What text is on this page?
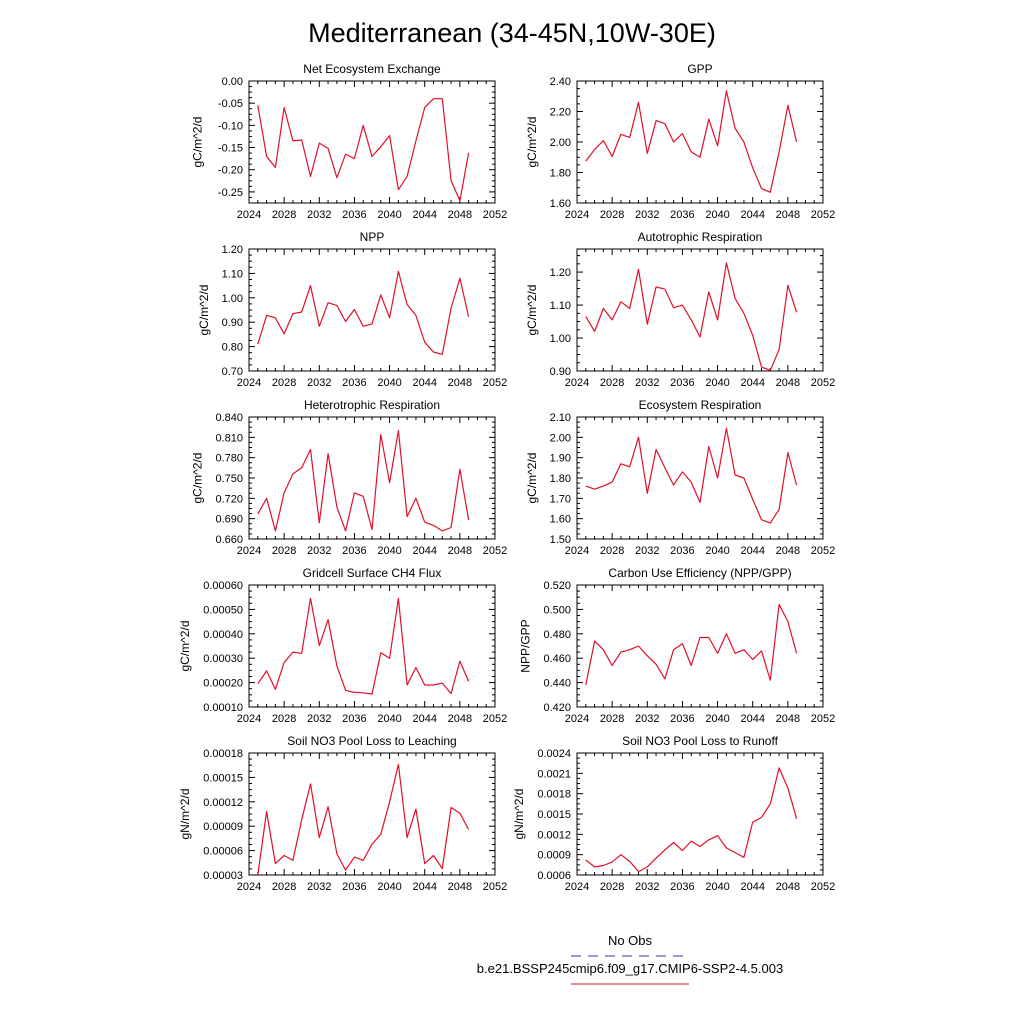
Mediterranean (34-45N,10W-30E)
Net Ecosystem Exchange
2024 2028 2032 2036 2040 2044 2048 2052
-0.25
-0.20
-0.15
-0.10
-0.05
0.00
gC/m^2/d
GPP
2024 2028 2032 2036 2040 2044 2048 2052
1.60
1.80
2.00
2.20
2.40
gC/m^2/d
NPP
2024 2028 2032 2036 2040 2044 2048 2052
0.70
0.80
0.90
1.00
1.10
1.20
gC/m^2/d
Autotrophic Respiration
2024 2028 2032 2036 2040 2044 2048 2052
0.90
1.00
1.10
1.20
gC/m^2/d
Heterotrophic Respiration
2024 2028 2032 2036 2040 2044 2048 2052
0.660
0.690
0.720
0.750
0.780
0.810
0.840
gC/m^2/d
Ecosystem Respiration
2024 2028 2032 2036 2040 2044 2048 2052
1.50
1.60
1.70
1.80
1.90
2.00
2.10
gC/m^2/d
Gridcell Surface CH4 Flux
2024 2028 2032 2036 2040 2044 2048 2052
0.00010
0.00020
0.00030
0.00040
0.00050
0.00060
gC/m^2/d
Carbon Use Efficiency (NPP/GPP)
2024 2028 2032 2036 2040 2044 2048 2052
0.420
0.440
0.460
0.480
0.500
0.520
NPP/GPP
Soil NO3 Pool Loss to Leaching
2024 2028 2032 2036 2040 2044 2048 2052
0.00003
0.00006
0.00009
0.00012
0.00015
0.00018
gN/m^2/d
Soil NO3 Pool Loss to Runoff
2024 2028 2032 2036 2040 2044 2048 2052
0.0006
0.0009
0.0012
0.0015
0.0018
0.0021
0.0024
gN/m^2/d
No Obs
b.e21.BSSP245cmip6.f09_g17.CMIP6-SSP2-4.5.003
